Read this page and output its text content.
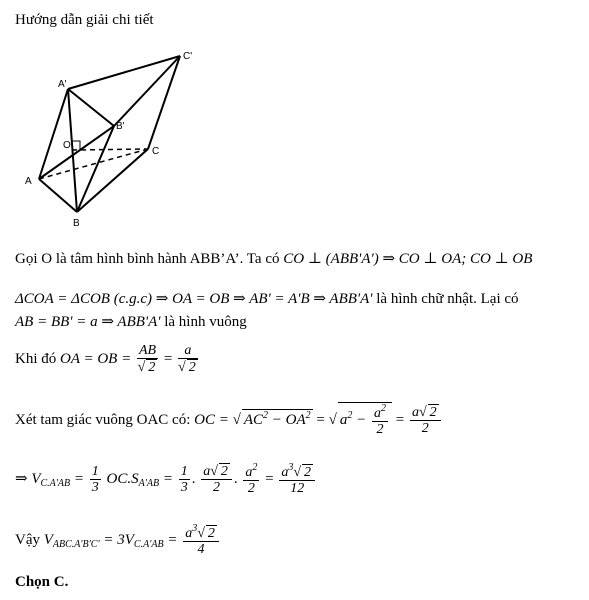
Hướng dẫn giải chi tiết
A'
C'
B'
O
C
A
B
Gọi O là tâm hình bình hành ABB’A’. Ta có CO ⊥ (ABB'A') ⇒ CO ⊥ OA; CO ⊥ OB
ΔCOA = ΔCOB (c.g.c) ⇒ OA = OB ⇒ AB' = A'B ⇒ ABB'A' là hình chữ nhật. Lại có
AB = BB' = a ⇒ ABB'A' là hình vuông
Khi đó OA = OB = $\frac{AB}{√ 2} = \frac{a}{√ 2}$
Xét tam giác vuông OAC có: OC = √ $AC^2 - OA^2$ = √ $a^2 - \frac{a^2}{2} = \frac{a√ 2}{2}$
⇒ $V_{C.A'AB} = \frac{1}{3} OC.S_{A'AB} = \frac{1}{3}$ . $\frac{a√ 2}{2}$ . $\frac{a^2}{2} = \frac{a^3√ 2}{12}$
Vậy $V_{ABC.A'B'C'} = 3V_{C.A'AB} = \frac{a^3√ 2}{4}$
Chọn C.
